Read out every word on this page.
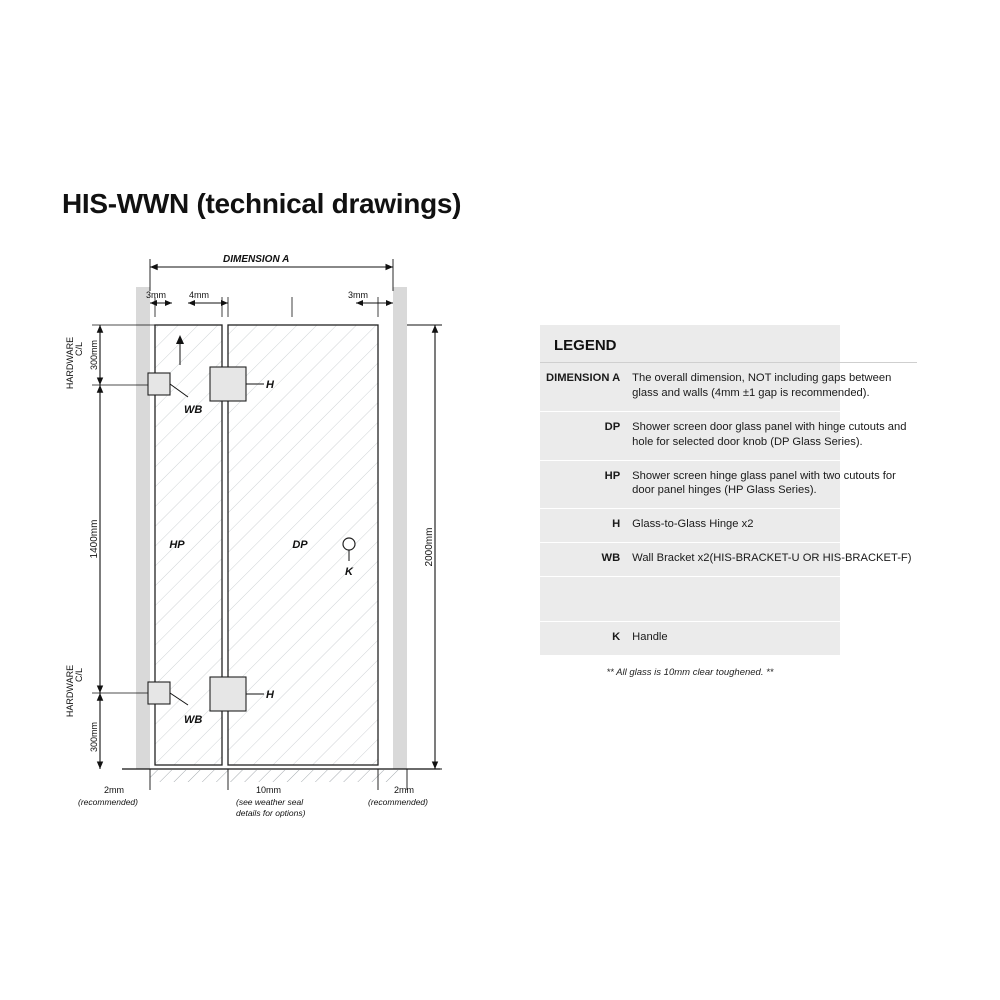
HIS-WWN (technical drawings)
DIMENSION A
3mm	4mm	3mm
2000mm
300mm
C/L
HARDWARE
1400mm
300mm
C/L
HARDWARE
WB
H
WB
H
HP	DP
K
2mm
(recommended)
10mm
(see weather seal
details for options)
2mm
(recommended)
LEGEND
DIMENSION A	The overall dimension, NOT including gaps between glass and walls (4mm ±1 gap is recommended).
DP	Shower screen door glass panel with hinge cutouts and hole for selected door knob (DP Glass Series).
HP	Shower screen hinge glass panel with two cutouts for door panel hinges (HP Glass Series).
H	Glass-to-Glass Hinge x2
WB	Wall Bracket x2(HIS-BRACKET-U OR HIS-BRACKET-F)

K	Handle
** All glass is 10mm clear toughened. **
